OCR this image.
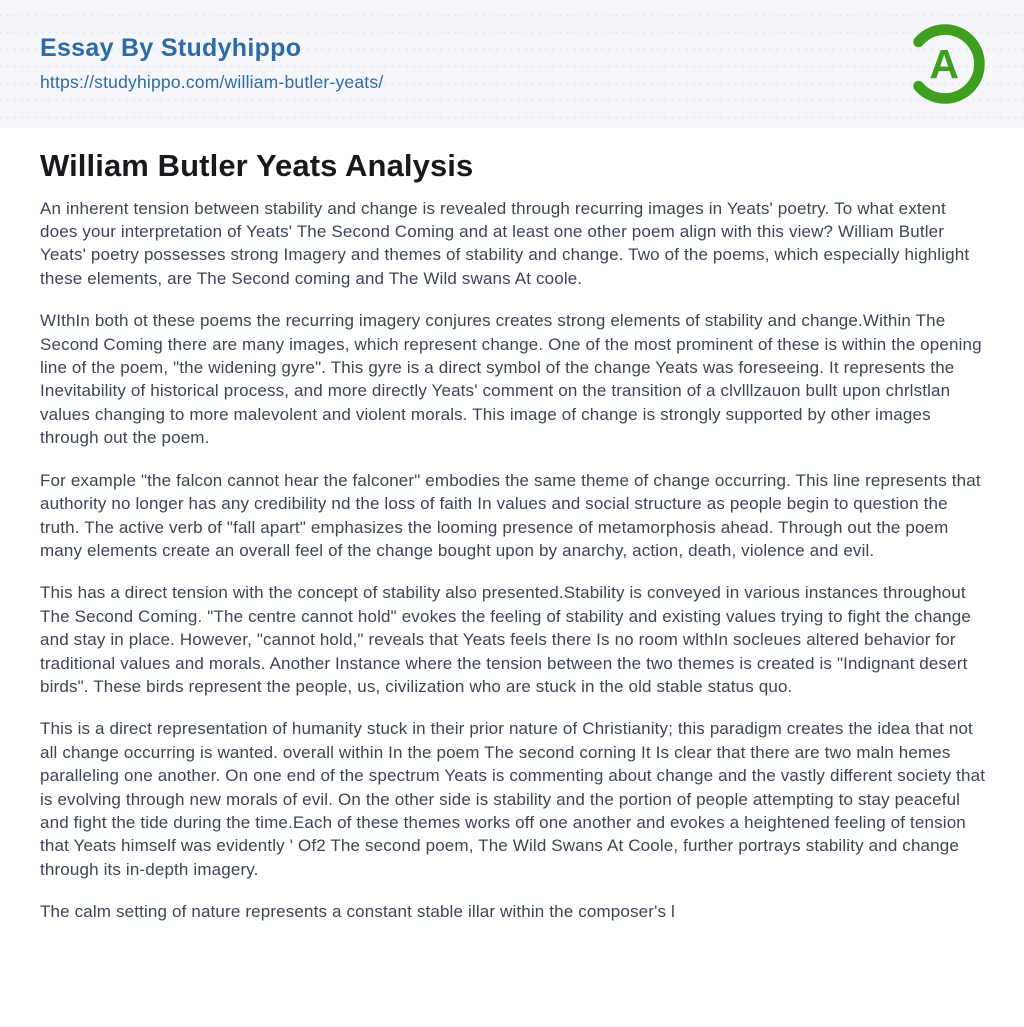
Essay By Studyhippo
https://studyhippo.com/william-butler-yeats/	A
William Butler Yeats Analysis

An inherent tension between stability and change is revealed through recurring images in Yeats' poetry. To what extent does your interpretation of Yeats' The Second Coming and at least one other poem align with this view? William Butler Yeats' poetry possesses strong Imagery and themes of stability and change. Two of the poems, which especially highlight these elements, are The Second coming and The Wild swans At coole.

WIthIn both ot these poems the recurring imagery conjures creates strong elements of stability and change.Within The Second Coming there are many images, which represent change. One of the most prominent of these is within the opening line of the poem, "the widening gyre". This gyre is a direct symbol of the change Yeats was foreseeing. It represents the Inevitability of historical process, and more directly Yeats' comment on the transition of a clvlllzauon bullt upon chrlstlan values changing to more malevolent and violent morals. This image of change is strongly supported by other images through out the poem.

For example "the falcon cannot hear the falconer" embodies the same theme of change occurring. This line represents that authority no longer has any credibility nd the loss of faith In values and social structure as people begin to question the truth. The active verb of "fall apart" emphasizes the looming presence of metamorphosis ahead. Through out the poem many elements create an overall feel of the change bought upon by anarchy, action, death, violence and evil.

This has a direct tension with the concept of stability also presented.Stability is conveyed in various instances throughout The Second Coming. "The centre cannot hold" evokes the feeling of stability and existing values trying to fight the change and stay in place. However, "cannot hold," reveals that Yeats feels there Is no room wlthIn socleues altered behavior for traditional values and morals. Another Instance where the tension between the two themes is created is "Indignant desert birds". These birds represent the people, us, civilization who are stuck in the old stable status quo.

This is a direct representation of humanity stuck in their prior nature of Christianity; this paradigm creates the idea that not all change occurring is wanted. overall within In the poem The second corning It Is clear that there are two maln hemes paralleling one another. On one end of the spectrum Yeats is commenting about change and the vastly different society that is evolving through new morals of evil. On the other side is stability and the portion of people attempting to stay peaceful and fight the tide during the time.Each of these themes works off one another and evokes a heightened feeling of tension that Yeats himself was evidently ' Of2 The second poem, The Wild Swans At Coole, further portrays stability and change through its in-depth imagery.

The calm setting of nature represents a constant stable illar within the composer's l
